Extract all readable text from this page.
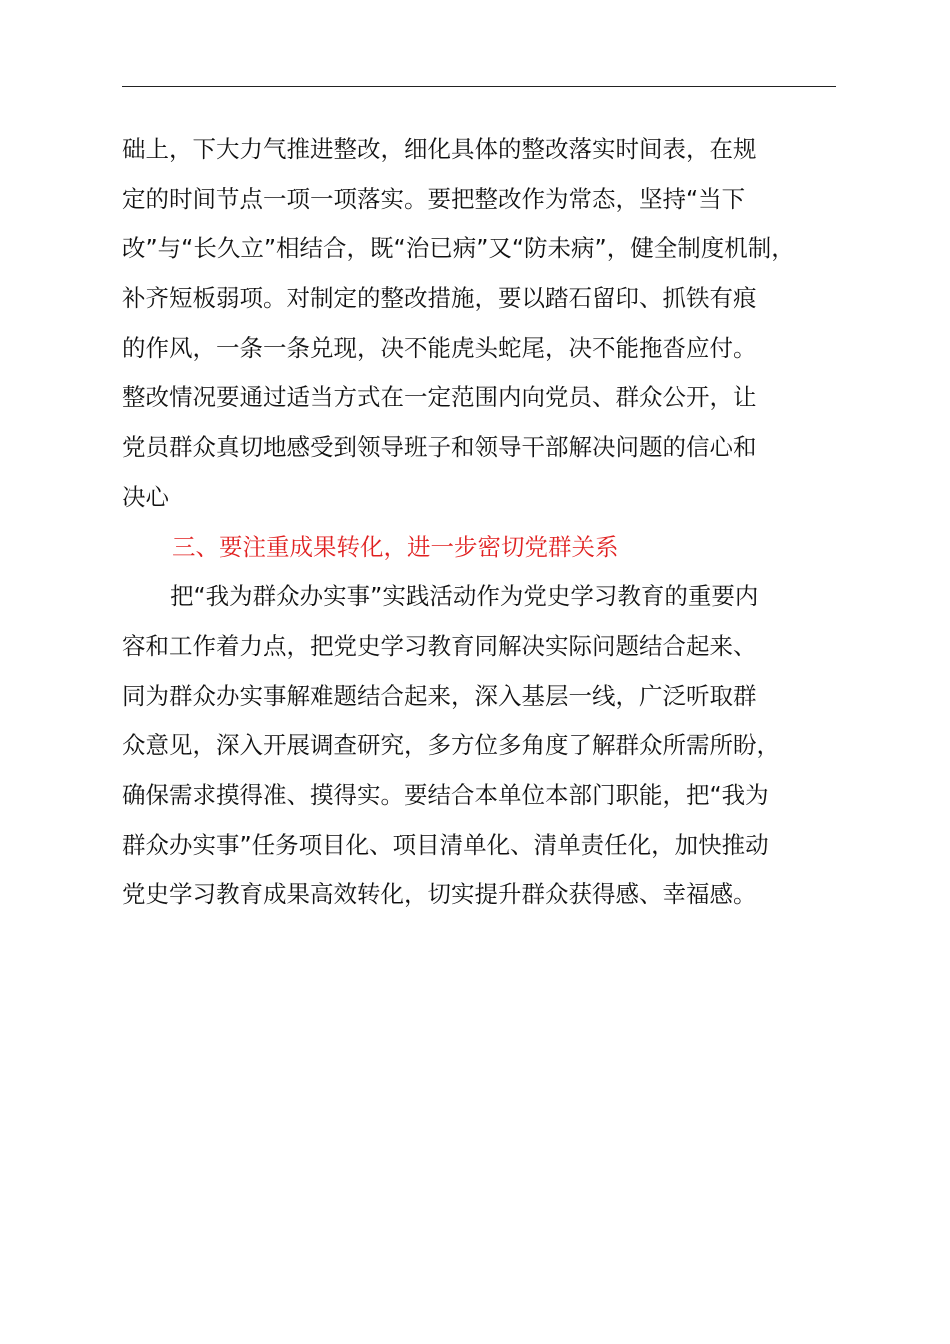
础上，下大力气推进整改，细化具体的整改落实时间表，在规
定的时间节点一项一项落实。要把整改作为常态，坚持“当下
改”与“长久立”相结合，既“治已病”又“防未病”，健全制度机制，
补齐短板弱项。对制定的整改措施，要以踏石留印、抓铁有痕
的作风，一条一条兑现，决不能虎头蛇尾，决不能拖沓应付。
整改情况要通过适当方式在一定范围内向党员、群众公开，让
党员群众真切地感受到领导班子和领导干部解决问题的信心和
决心
三、要注重成果转化，进一步密切党群关系
把“我为群众办实事”实践活动作为党史学习教育的重要内
容和工作着力点，把党史学习教育同解决实际问题结合起来、
同为群众办实事解难题结合起来，深入基层一线，广泛听取群
众意见，深入开展调查研究，多方位多角度了解群众所需所盼，
确保需求摸得准、摸得实。要结合本单位本部门职能，把“我为
群众办实事”任务项目化、项目清单化、清单责任化，加快推动
党史学习教育成果高效转化，切实提升群众获得感、幸福感。
